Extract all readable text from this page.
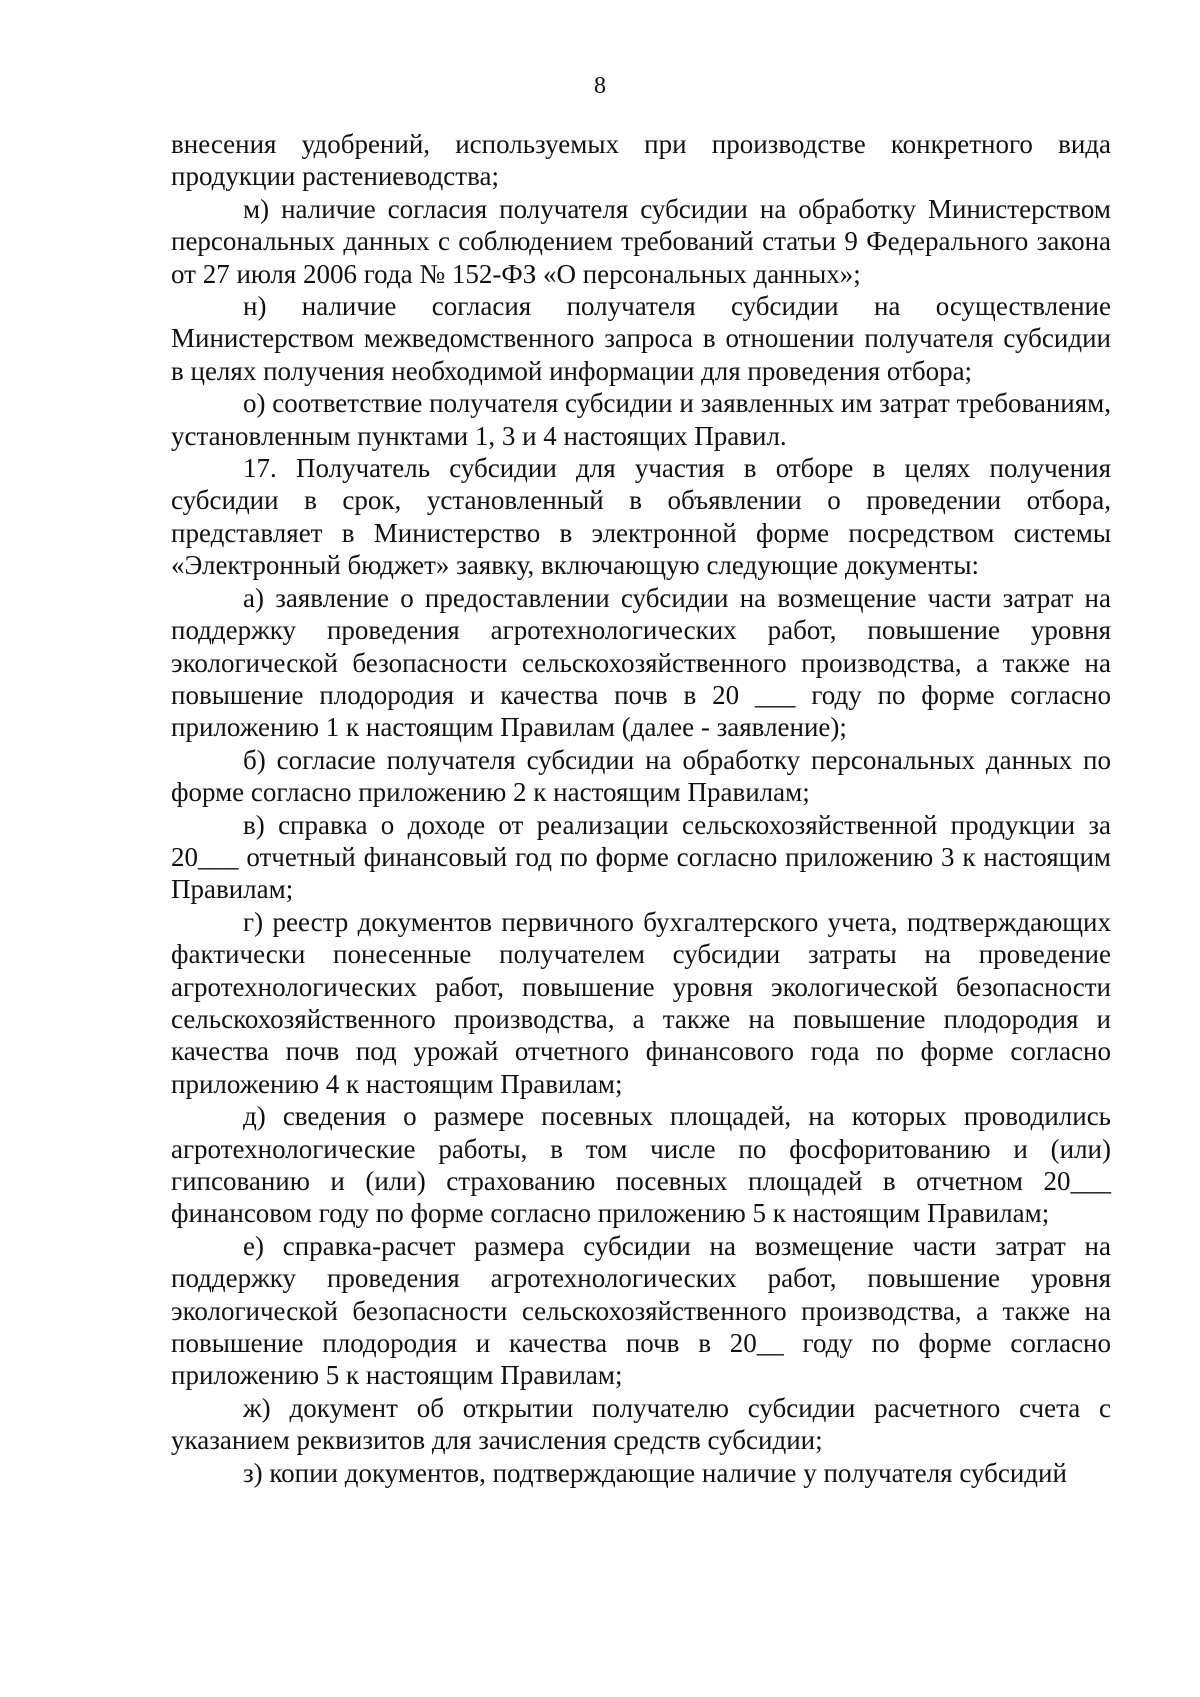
8

внесения удобрений, используемых при производстве конкретного вида продукции растениеводства;

м) наличие согласия получателя субсидии на обработку Министерством персональных данных с соблюдением требований статьи 9 Федерального закона от 27 июля 2006 года № 152-ФЗ «О персональных данных»;

н) наличие согласия получателя субсидии на осуществление Министерством межведомственного запроса в отношении получателя субсидии в целях получения необходимой информации для проведения отбора;

о) соответствие получателя субсидии и заявленных им затрат требованиям, установленным пунктами 1, 3 и 4 настоящих Правил.

17. Получатель субсидии для участия в отборе в целях получения субсидии в срок, установленный в объявлении о проведении отбора, представляет в Министерство в электронной форме посредством системы «Электронный бюджет» заявку, включающую следующие документы:

а) заявление о предоставлении субсидии на возмещение части затрат на поддержку проведения агротехнологических работ, повышение уровня экологической безопасности сельскохозяйственного производства, а также на повышение плодородия и качества почв в 20 ___ году по форме согласно приложению 1 к настоящим Правилам (далее - заявление);

б) согласие получателя субсидии на обработку персональных данных по форме согласно приложению 2 к настоящим Правилам;

в) справка о доходе от реализации сельскохозяйственной продукции за 20___ отчетный финансовый год по форме согласно приложению 3 к настоящим Правилам;

г) реестр документов первичного бухгалтерского учета, подтверждающих фактически понесенные получателем субсидии затраты на проведение агротехнологических работ, повышение уровня экологической безопасности сельскохозяйственного производства, а также на повышение плодородия и качества почв под урожай отчетного финансового года по форме согласно приложению 4 к настоящим Правилам;

д) сведения о размере посевных площадей, на которых проводились агротехнологические работы, в том числе по фосфоритованию и (или) гипсованию и (или) страхованию посевных площадей в отчетном 20___ финансовом году по форме согласно приложению 5 к настоящим Правилам;

е) справка-расчет размера субсидии на возмещение части затрат на поддержку проведения агротехнологических работ, повышение уровня экологической безопасности сельскохозяйственного производства, а также на повышение плодородия и качества почв в 20__ году по форме согласно приложению 5 к настоящим Правилам;

ж) документ об открытии получателю субсидии расчетного счета с указанием реквизитов для зачисления средств субсидии;

з) копии документов, подтверждающие наличие у получателя субсидий
